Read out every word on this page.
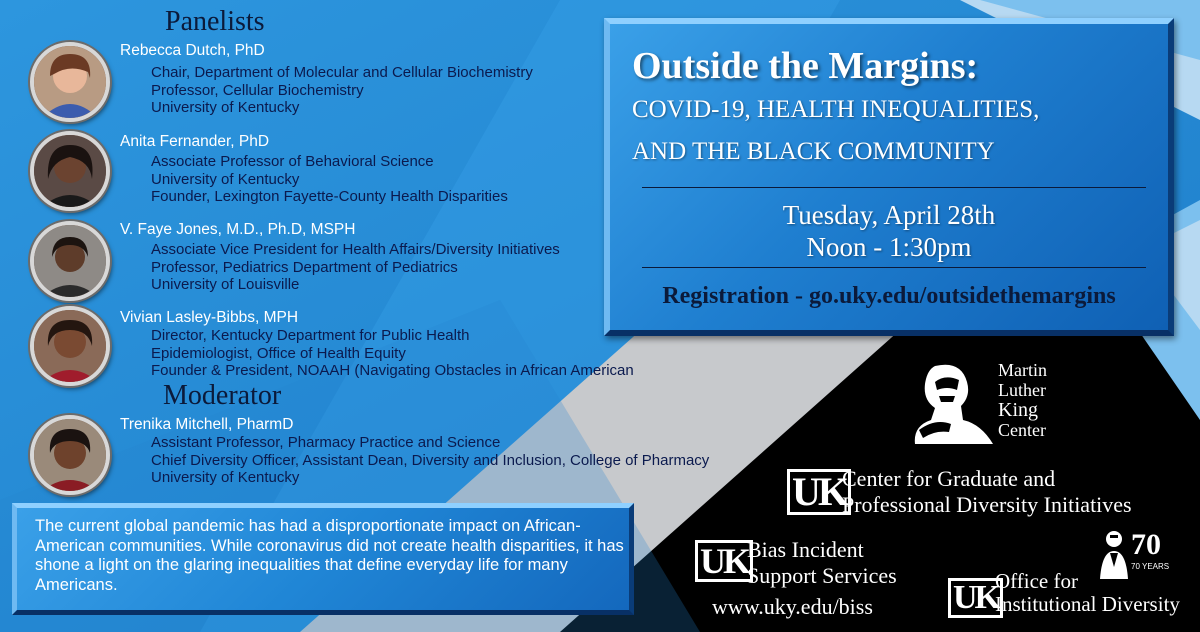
Panelists
Rebecca Dutch, PhD
Chair, Department of Molecular and Cellular Biochemistry
Professor, Cellular Biochemistry
University of Kentucky
Anita Fernander, PhD
Associate Professor of Behavioral Science
University of Kentucky
Founder, Lexington Fayette-County Health Disparities
V. Faye Jones, M.D., Ph.D, MSPH
Associate Vice President for Health Affairs/Diversity Initiatives
Professor, Pediatrics Department of Pediatrics
University of Louisville
Vivian Lasley-Bibbs, MPH
Director, Kentucky Department for Public Health
Epidemiologist, Office of Health Equity
Founder & President, NOAAH (Navigating Obstacles in African American
Moderator
Trenika Mitchell, PharmD
Assistant Professor, Pharmacy Practice and Science
Chief Diversity Officer, Assistant Dean, Diversity and Inclusion, College of Pharmacy
University of Kentucky
Outside the Margins:
COVID-19, HEALTH INEQUALITIES,
AND THE BLACK COMMUNITY
Tuesday, April 28th
Noon - 1:30pm
Registration - go.uky.edu/outsidethemargins
The current global pandemic has had a disproportionate impact on African-American communities. While coronavirus did not create health disparities, it has shone a light on the glaring inequalities that define everyday life for many Americans.
Martin
Luther
King
Center
UK
Center for Graduate and
Professional Diversity Initiatives
UK Bias Incident
Support Services
www.uky.edu/biss
70
70 YEARS
UK
Office for
Institutional Diversity
